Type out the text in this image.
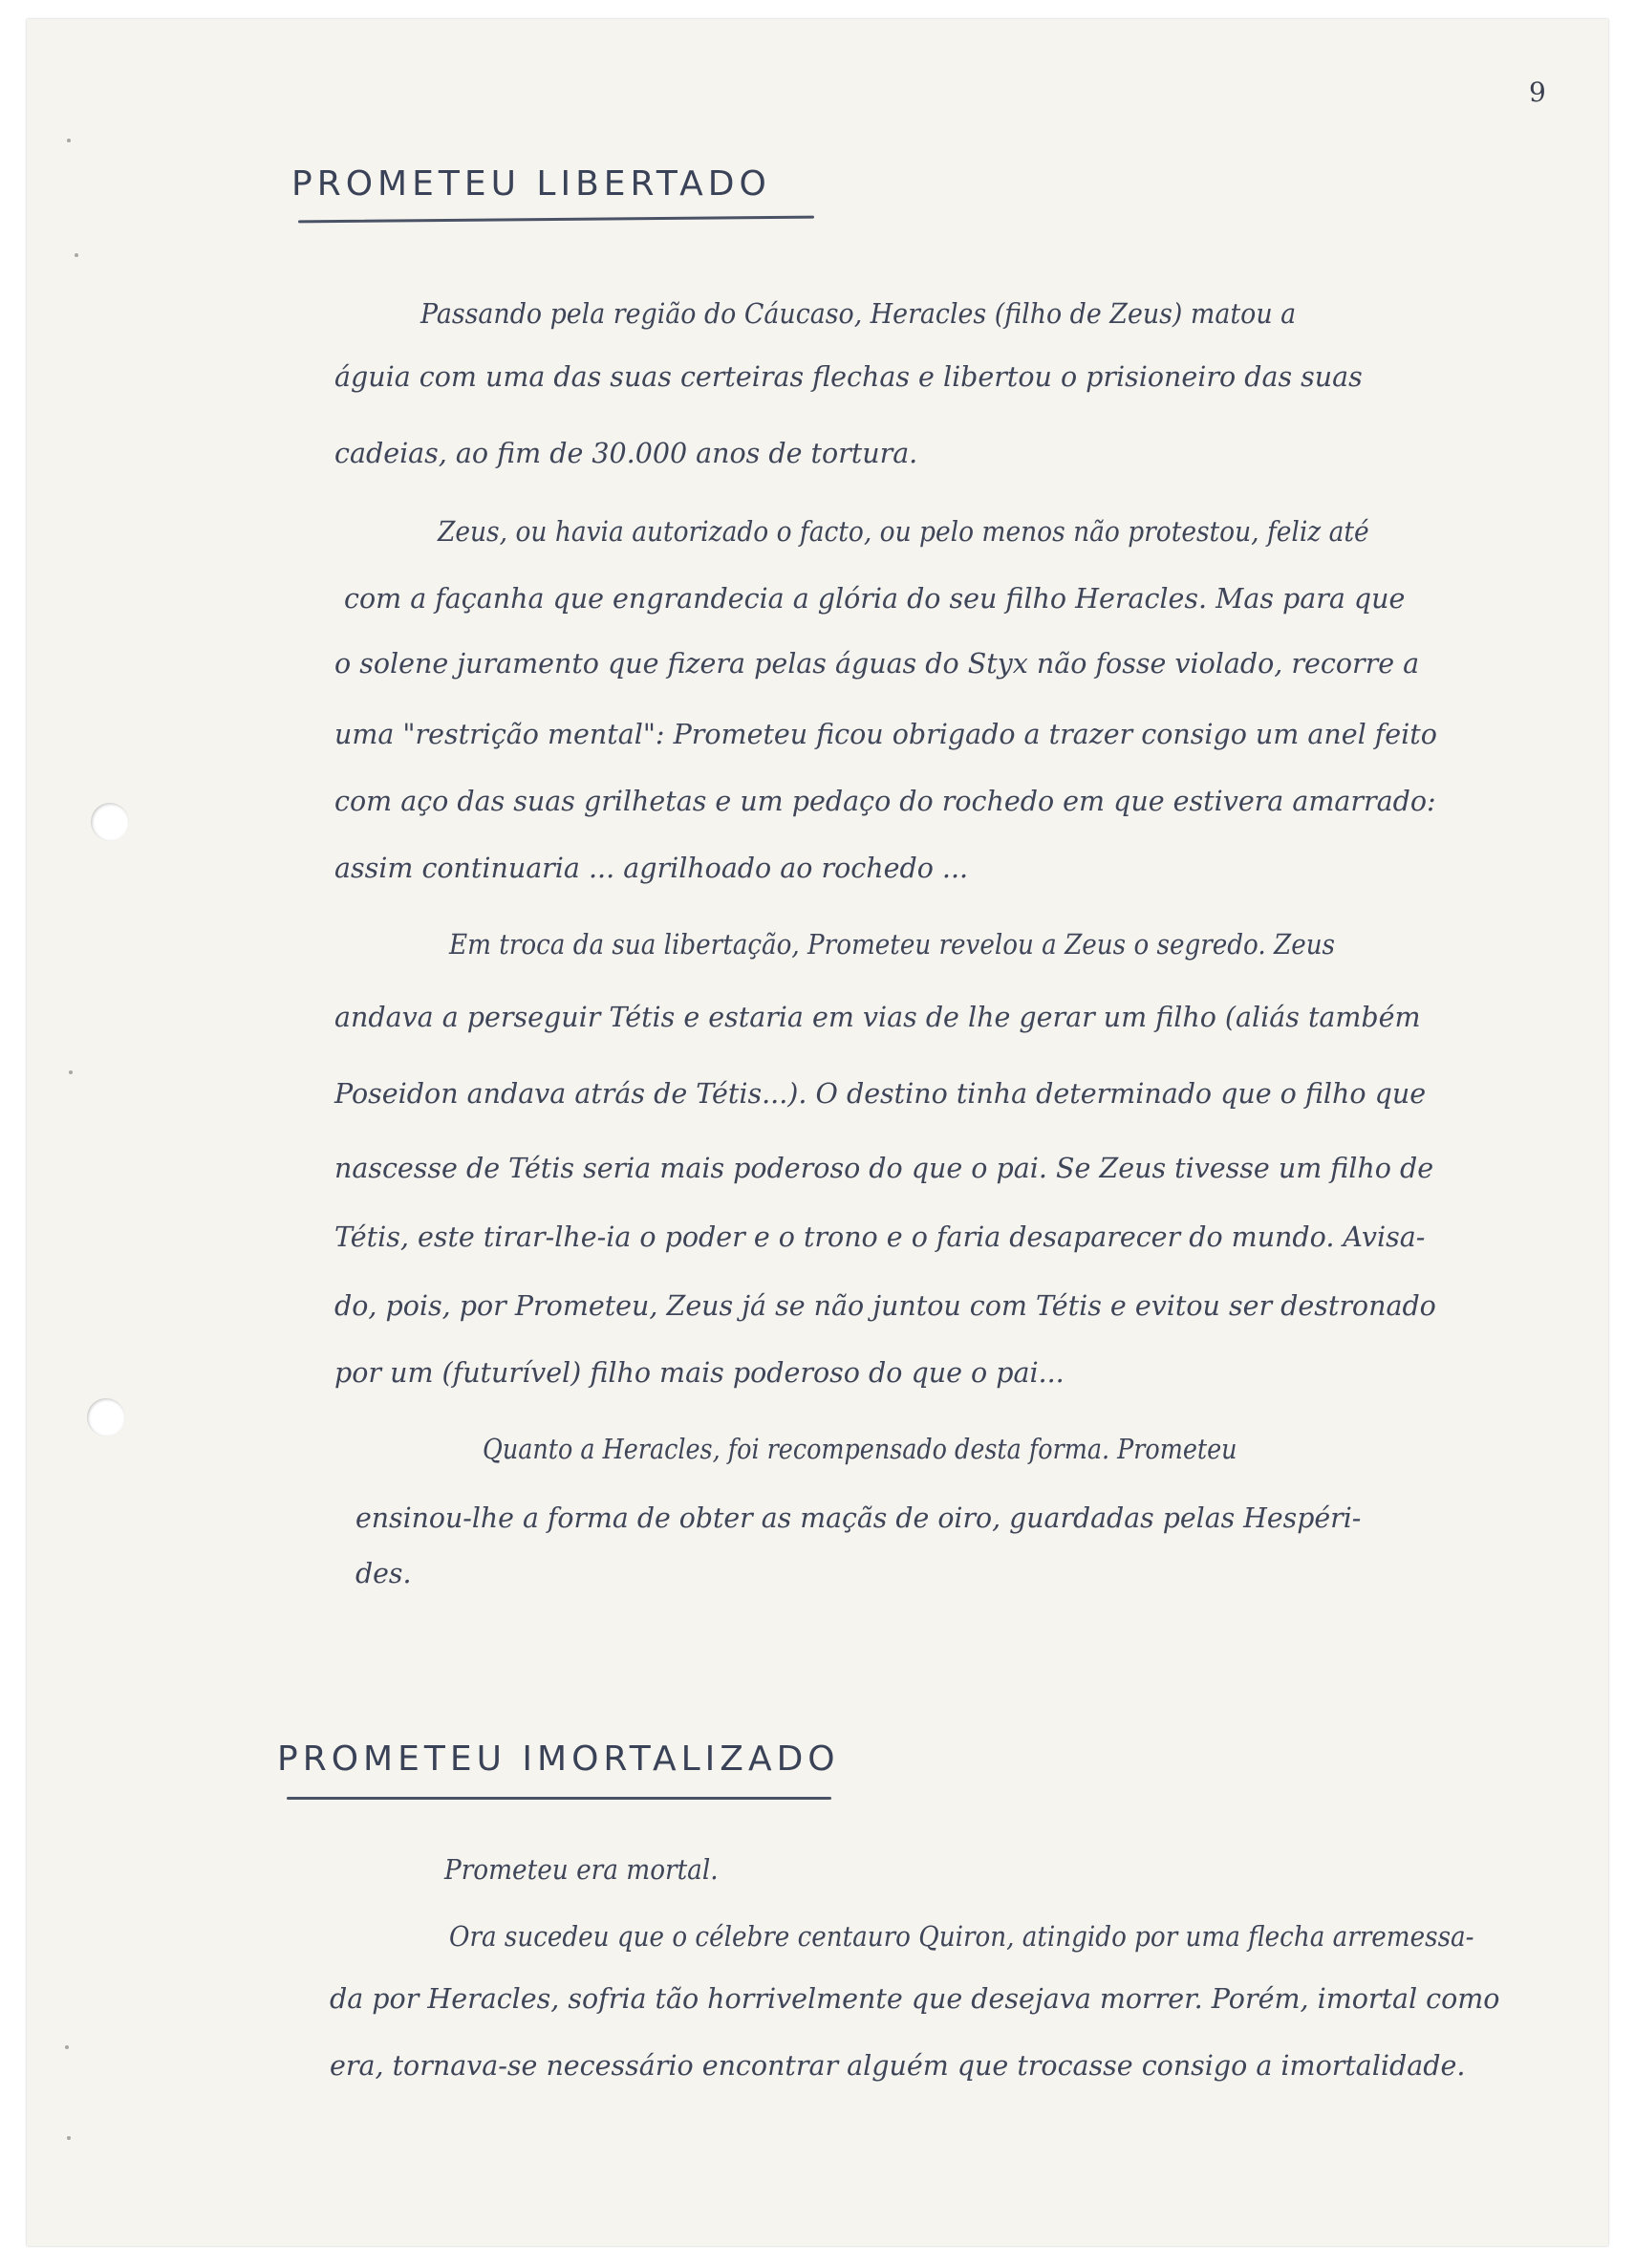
9
PROMETEU LIBERTADO
Passando pela região do Cáucaso, Heracles (filho de Zeus) matou a
águia com uma das suas certeiras flechas e libertou o prisioneiro das suas
cadeias, ao fim de 30.000 anos de tortura.
Zeus, ou havia autorizado o facto, ou pelo menos não protestou, feliz até
com a façanha que engrandecia a glória do seu filho Heracles. Mas para que
o solene juramento que fizera pelas águas do Styx não fosse violado, recorre a
uma "restrição mental": Prometeu ficou obrigado a trazer consigo um anel feito
com aço das suas grilhetas e um pedaço do rochedo em que estivera amarrado:
assim continuaria ... agrilhoado ao rochedo ...
Em troca da sua libertação, Prometeu revelou a Zeus o segredo. Zeus
andava a perseguir Tétis e estaria em vias de lhe gerar um filho (aliás também
Poseidon andava atrás de Tétis...). O destino tinha determinado que o filho que
nascesse de Tétis seria mais poderoso do que o pai. Se Zeus tivesse um filho de
Tétis, este tirar-lhe-ia o poder e o trono e o faria desaparecer do mundo. Avisa-
do, pois, por Prometeu, Zeus já se não juntou com Tétis e evitou ser destronado
por um (futurível) filho mais poderoso do que o pai...
Quanto a Heracles, foi recompensado desta forma. Prometeu
ensinou-lhe a forma de obter as maçãs de oiro, guardadas pelas Hespéri-
des.
PROMETEU IMORTALIZADO
Prometeu era mortal.
Ora sucedeu que o célebre centauro Quiron, atingido por uma flecha arremessa-
da por Heracles, sofria tão horrivelmente que desejava morrer. Porém, imortal como
era, tornava-se necessário encontrar alguém que trocasse consigo a imortalidade.
